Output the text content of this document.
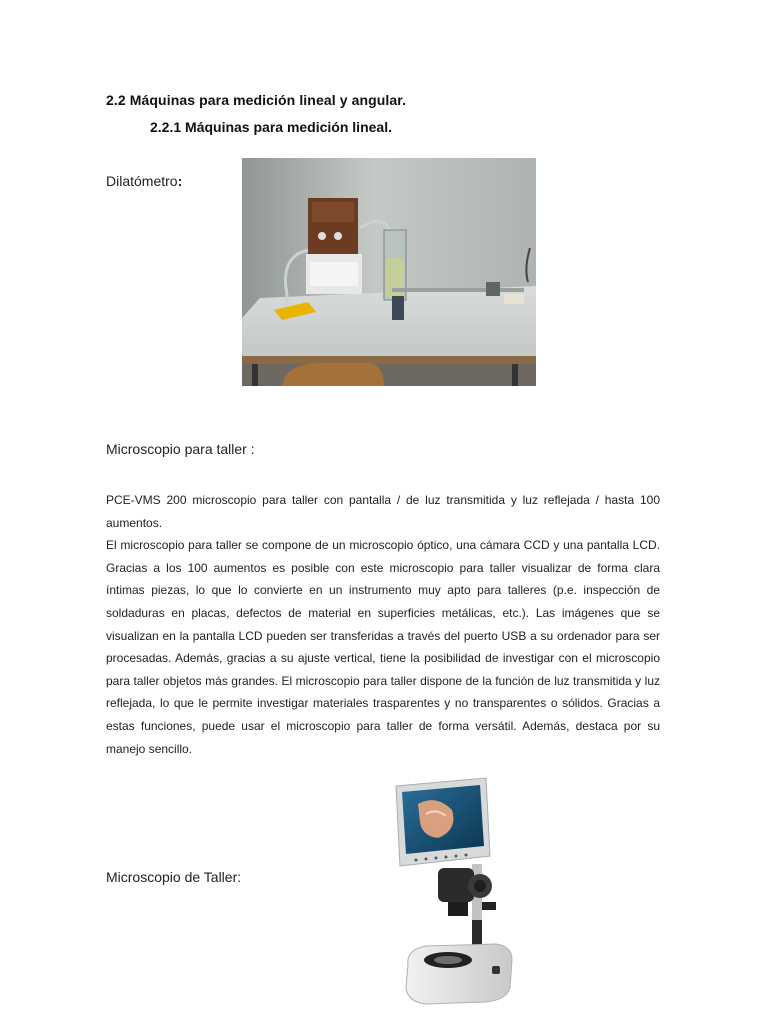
2.2 Máquinas para medición lineal y angular.
2.2.1 Máquinas para medición lineal.
Dilatómetro:
Microscopio para taller :

PCE-VMS 200 microscopio para taller con pantalla / de luz transmitida y luz reflejada / hasta 100 aumentos.

El microscopio para taller se compone de un microscopio óptico, una cámara CCD y una pantalla LCD. Gracias a los 100 aumentos es posible con este microscopio para taller visualizar de forma clara íntimas piezas, lo que lo convierte en un instrumento muy apto para talleres (p.e. inspección de soldaduras en placas, defectos de material en superficies metálicas, etc.). Las imágenes que se visualizan en la pantalla LCD pueden ser transferidas a través del puerto USB a su ordenador para ser procesadas. Además, gracias a su ajuste vertical, tiene la posibilidad de investigar con el microscopio para taller objetos más grandes. El microscopio para taller dispone de la función de luz transmitida y luz reflejada, lo que le permite investigar materiales trasparentes y no transparentes o sólidos. Gracias a estas funciones, puede usar el microscopio para taller de forma versátil. Además, destaca por su manejo sencillo.

Microscopio de Taller:
